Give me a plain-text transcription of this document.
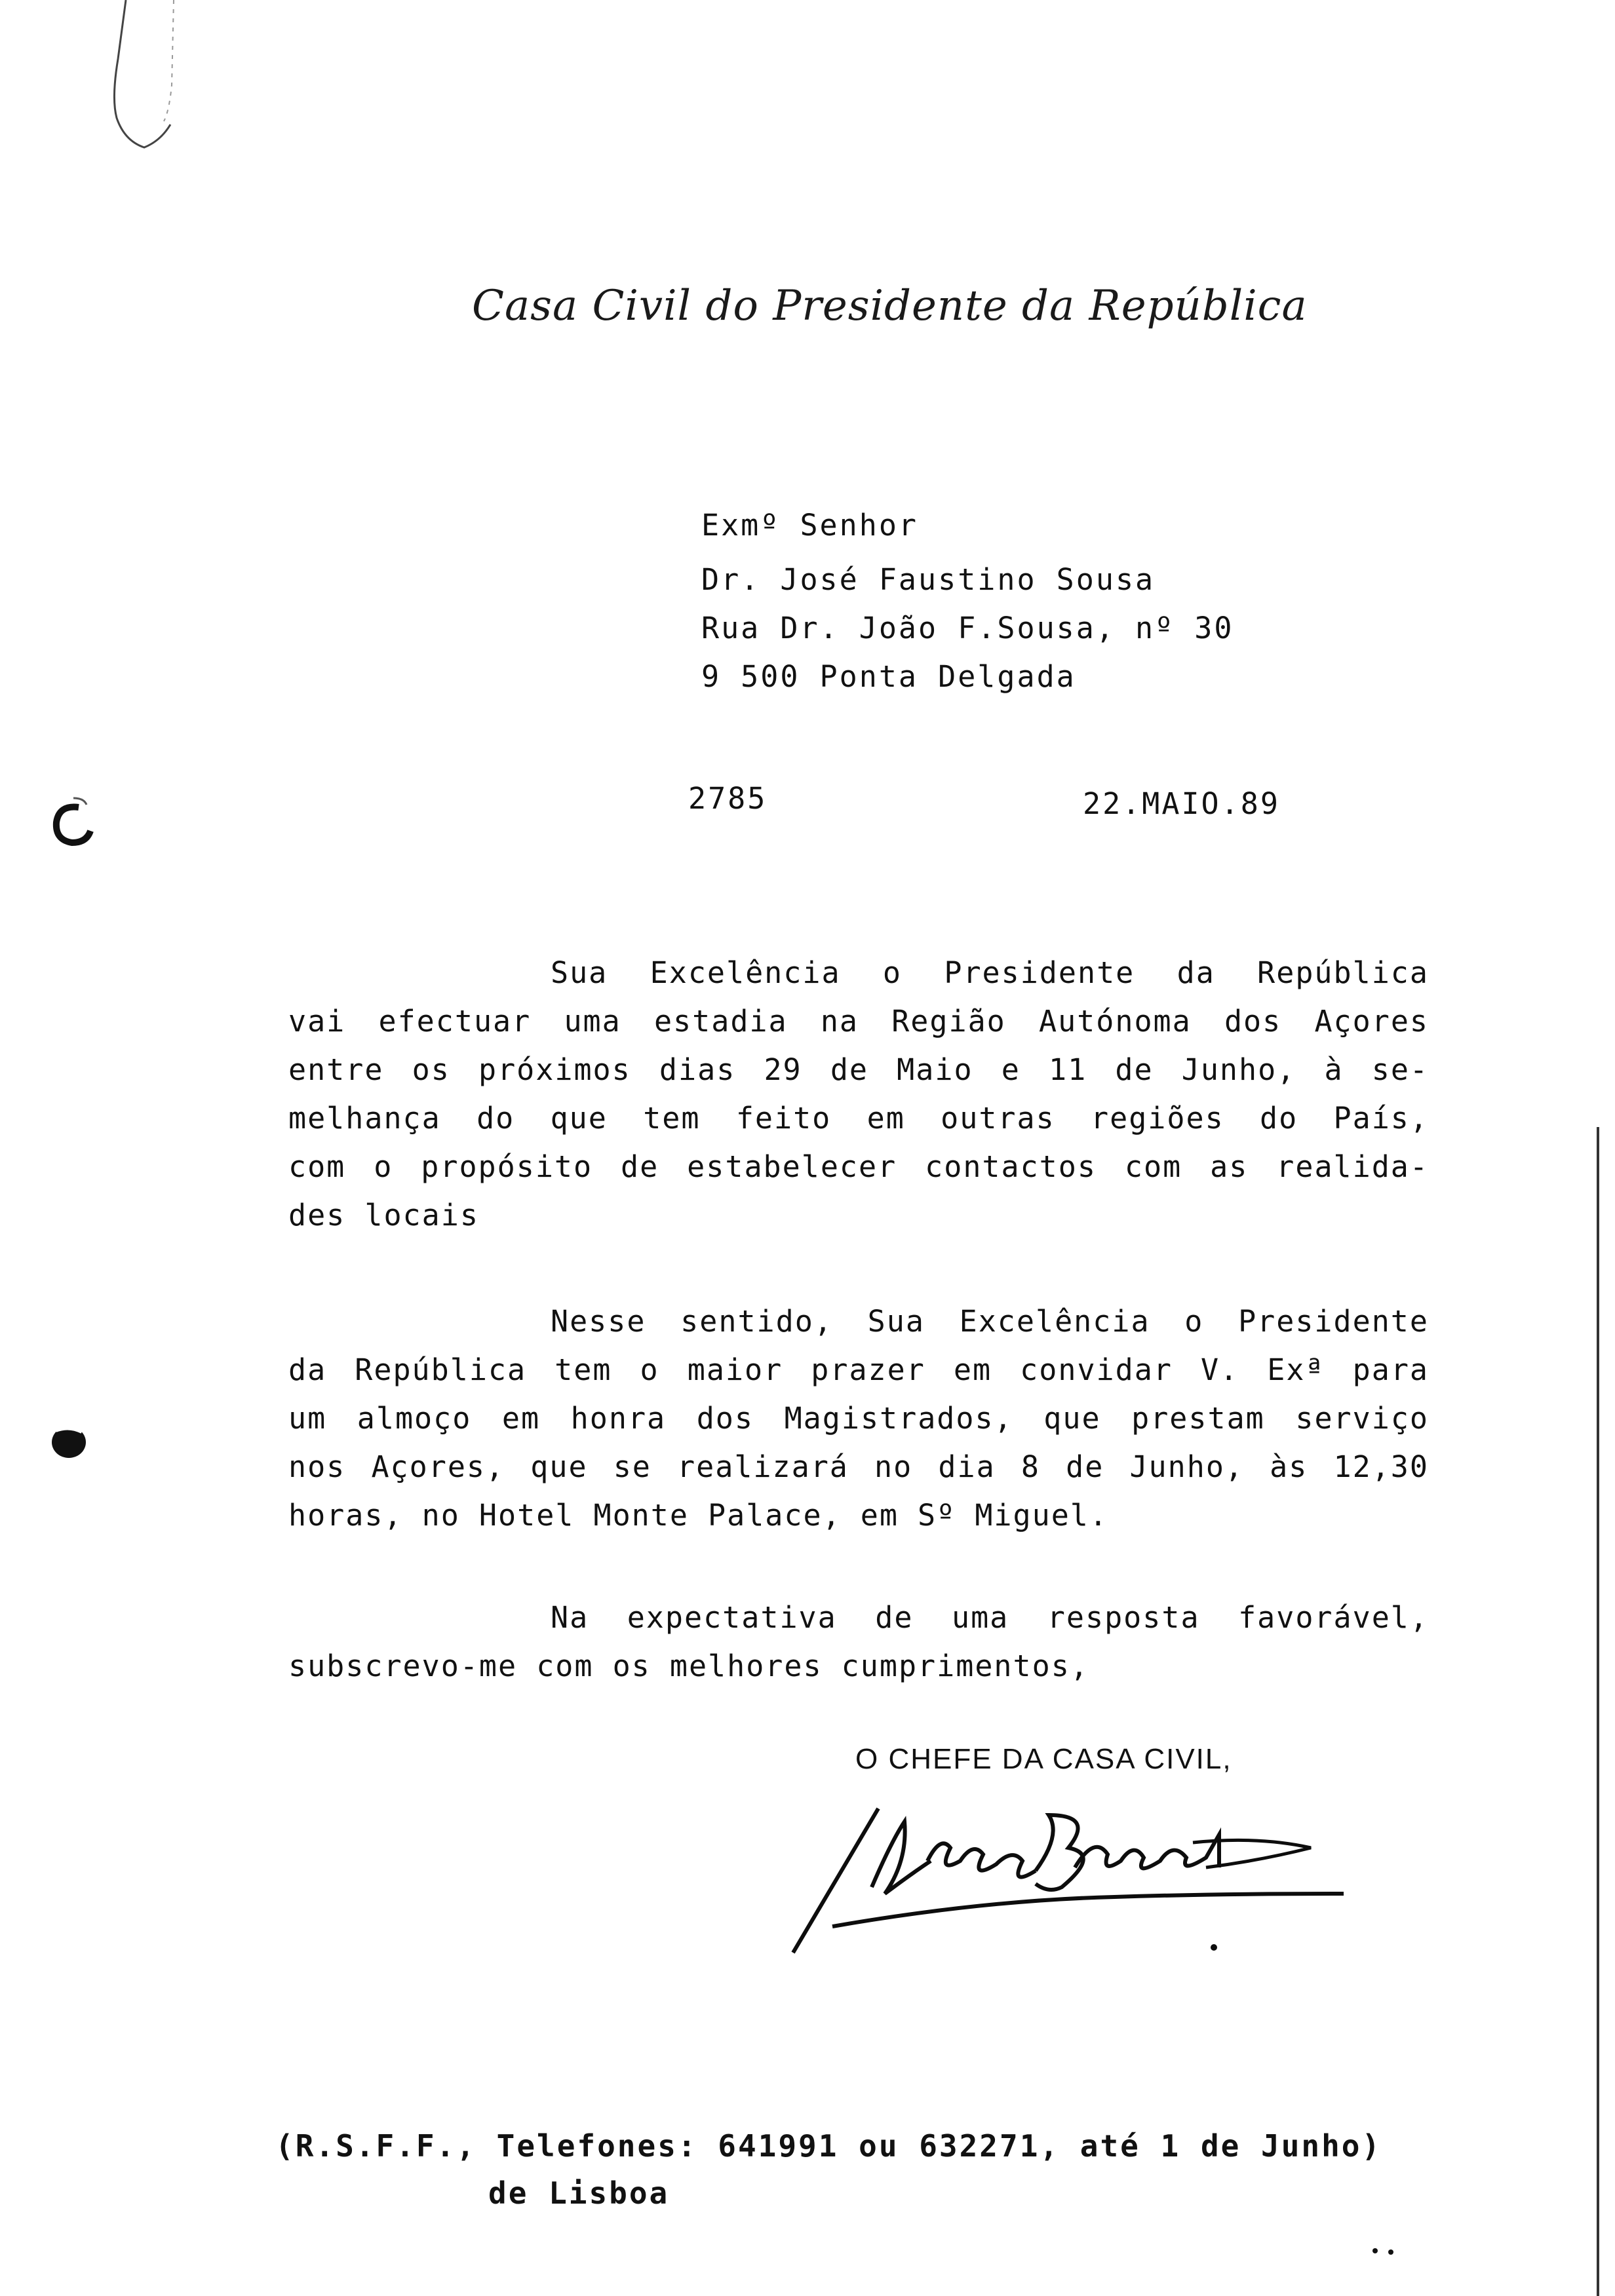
Casa Civil do Presidente da República
Exmº Senhor
Dr. José Faustino Sousa
Rua Dr. João F.Sousa, nº 30
9 500 Ponta Delgada
2785	22.MAIO.89
Sua Excelência o Presidente da República
vai efectuar uma estadia na Região Autónoma dos Açores
entre os próximos dias 29 de Maio e 11 de Junho, à se-
melhança do que tem feito em outras regiões do País,
com o propósito de estabelecer contactos com as realida-
des locais
Nesse sentido, Sua Excelência o Presidente
da República tem o maior prazer em convidar V. Exª para
um almoço em honra dos Magistrados, que prestam serviço
nos Açores, que se realizará no dia 8 de Junho, às 12,30
horas, no Hotel Monte Palace, em Sº Miguel.
Na expectativa de uma resposta favorável,
subscrevo-me com os melhores cumprimentos,
O CHEFE DA CASA CIVIL,
(R.S.F.F., Telefones: 641991 ou 632271, até 1 de Junho)
de Lisboa
